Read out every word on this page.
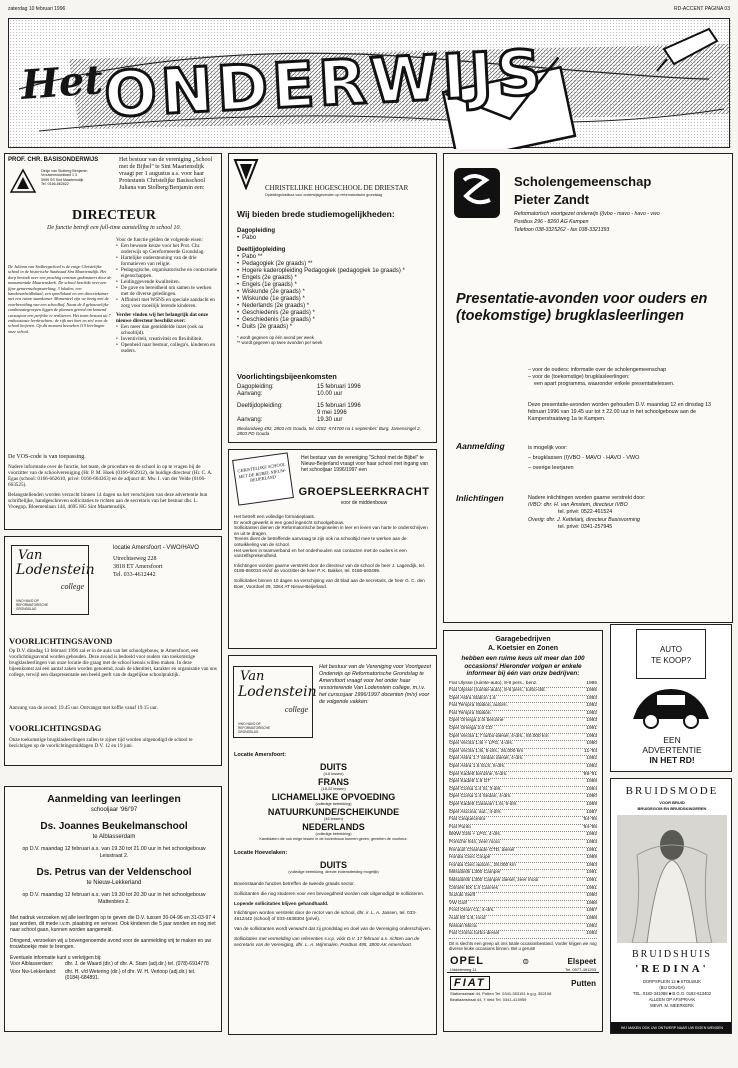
zaterdag 10 februari 1996	RD-ACCENT PAGINA 03
Het
ONDERWIJS
PROF. CHR. BASISONDERWIJS
Dirkje van Stolberg Benjamin
Vrouwennoordkant 1 3
3999 SS Sint Maartensdijk
Tel. 0166-662822
Het bestuur van de vereniging „School met de Bijbel" te Sint Maartensdijk vraagt per 1 augustus a.s. voor haar Protestants Christelijke Basisschool Juliana van Stolberg/Benjamin een:
DIRECTEUR
De functie betreft een full-time aanstelling in school 10.
De Juliana van Stolbergschool is de enige Christelijke school in de historische Stadsstad Sint Maartensdijk. Het dorp bevindt over een prachtig centrum gedominert door de monumentale Maartenskerk. De school beschikt over een fijne gemeenschapswerking, 3 lokalen, een handenarbeidlokaal, een speellokaal en een directiekamer met een ruime stamkamer. Momenteel zijn we bezig met de voorbereiding van een schoolhof. Naast de 4 gebouwelijke combinatiegroepen liggen de plannen gereed om komend cursusjaar een perfekte te realiseren. Het team bestaat uit 7 enthousiaste leerkrachten; de rijk met hart en ziel voor de school beijeren. Op dit moment bezoeken 115 leerlingen onze school.
Voor de functie gelden de volgende eisen:
• Een bewuste keuze voor het Prot. Chr. onderwijs op Gereformeerde Grondslag.
• Hartelijke ondersteuning van de drie formatieven van religie.
• Pedagogische, organisatorische en contactuele eigenschappen.
• Leidinggevende kwaliteiten.
• De gave en bereidheid om samen te werken met de diverse geledingen.
• Affiniteit met WSNS en speciale aandacht en zorg voor moeilijk lerende kinderen.
Verder vinden wij het belangrijk dat onze nieuwe directeur beschikt over:
• Een meer dan gemiddelde inzet (ook na schooltijd).
• Inventiviteit, creativiteit en flexibiliteit.
• Openheid naar bestuur, collega's, kinderen en ouders.
De VOS-code is van toepassing.
Nadere informatie over de functie, het team, de procedure en de school in op te vragen bij de voorzitter van de schoolvereniging (Hr. P. M. Hoek (0166-662912), de huidige directeur (Hr. C. A. Egas (school: 0166-662610, privé: 0166-664363) en de adjunct dr. Mw. I. van der Velde (0166-663525).
Belangstellenden worden verzocht binnen 14 dagen na het verschijnen van deze advertentie hun schriftelijke, handgeschreven sollicitaties te richten aan de secretaris van het bestuur dhr. L. Vroegop, Bloemenlaan 144, 4695 HG Sint Maartensdijk.
CHRISTELIJKE HOGESCHOOL DE DRIESTAR
Opleidingsinstituut voor onderwijsgevenden op reformatorische grondslag
Wij bieden brede studiemogelijkheden:
Dagopleiding
• Pabo
Deeltijdopleiding
• Pabo **
• Pedagogiek (2e graads) **
• Hogere kaderopleiding Pedagogiek (pedagogiek 1e graads) *
• Engels (2e graads) *
• Engels (1e graads) *
• Wiskunde (2e graads) *
• Wiskunde (1e graads) *
• Nederlands (2e graads) *
• Geschiedenis (2e graads) *
• Geschiedenis (1e graads) *
• Duits (2e graads) *
* wordt gegeven op één avond per week
** wordt gegeven op twee avonden per week
Voorlichtingsbijeenkomsten
Dagopleiding:	15 februari 1996
Aanvang:	10.00 uur
Deeltijdopleiding:	15 februari 1996
9 mei 1996
Aanvang:	19.30 uur
Bleulandweg 492, 2803 HS Gouda, tel. 0182 -574700 na 1 september: Burg. Jamessingel 2, 2803 PD Gouda
CHRISTELIJKE SCHOOL MET DE BIJBEL NIEUW-BEIJERLAND
Het bestuur van de vereniging "School met de Bijbel" te Nieuw-Beijerland vraagt voor haar school met ingang van het schooljaar 1996/1997 een
GROEPSLEERKRACHT
voor de middenbouw
Het betreft een volledige formatieplaats.
Er wordt gewerkt in een goed ingericht schoolgebouw.
Sollicitanten dienen de Reformatorische beginselen in leer en leven van harte te onderschrijven en uit te dragen.
Tevens dient de betreffende aanvraag te zijn ook na schooltijd mee te werken aan de ontwikkeling van de school.
Het werken in teamverband en het onderhouden van contacten met de ouders is een vanzelfsprekendheid.
Inlichtingen worden gaarne verstrekt door de directeur van de school de heer J. Lagendijk, tel. 0186-660034 en/of de voorzitter de heer P. K. Bakker, tel. 0186-660499.
Sollicitaties binnen 10 dagen na verschijning van dit blad aan de secretaris, de heer G. C. den Boer, Voordoel 29, 3264 AT Nieuw-Beijerland.
Scholengemeenschap
Pieter Zandt
Reformatorisch voortgezet onderwijs (i)vbo - mavo - havo - vwo
Postbus 296 - 8260 AG Kampen
Telefoon 038-3325262 - fax 038-3321393
Presentatie-avonden voor ouders en (toekomstige) brugklasleerlingen
– voor de ouders: informatie over de scholengemeenschap
– voor de (toekomstige) brugklasleerlingen:
een apart programma, waaronder enkele presentatielessen.
Deze presentatie-avonden worden gehouden D.V. maandag 12 en dinsdag 13 februari 1996 van 19.45 uur tot ± 22.00 uur in het schoolgebouw aan de Kamperstraatweg 1a te Kampen.
Aanmelding	is mogelijk voor:
– brugklassen (I)VBO - MAVO - HAVO - VWO
– overige leerjaren
Inlichtingen	Nadere inlichtingen worden gaarne verstrekt door:
IVBO: dhr. H. van Amstem, directeur IVBO
tel. privé: 0522-461524
Overig: dhr. J. Kettelarij, directeur Basisvorming
tel. privé: 0341-257945
Van
Lodenstein
college
VWO HAVO OP REFORMATORISCHE GRONDSLAG
locatie Amersfoort - VWO/HAVO
Utrechtseweg 228
3818 ET Amersfoort
Tel. 033-4612442
VOORLICHTINGSAVOND
Op D.V. dinsdag 13 februari 1996 zal er in de aula van het schoolgebouw, te Amersfoort, een voorlichtingsavond worden gehouden. Deze avond is bedoeld voor ouders van toekomstige brugklasleerlingen van onze locatie die graag met de school kennis willen maken. In deze bijeenkomst zal een aantal zaken worden genoemd, zoals de identiteit, karakter en organisatie van ons college, terwijl een diaspresentatie een beeld geeft van de dagelijkse schoolpraktijk.
Aanvang van de avond: 19.45 uur. Ontvangst met koffie vanaf 19.15 uur.
VOORLICHTINGSDAG
Onze toekomstige brugklasleerlingen zullen te zijner tijd worden uitgenodigd de school te bezichtigen op de voorlichtingsmiddagen D.V. 12 en 19 juni.
Van
Lodenstein
college
VWO HAVO OP REFORMATORISCHE GRONDSLAG
Het bestuur van de Vereniging voor Voortgezet Onderwijs op Reformatorische Grondslag te Amersfoort vraagt voor het onder haar ressorterende Van Lodenstein college, m.i.v. het cursusjaar 1996/1997 docenten (m/v) voor de volgende vakken:
Locatie Amersfoort:
DUITS
(4-6 lessen)
FRANS
(18-22 lessen)
LICHAMELIJKE OPVOEDING
(volledige betrekking)
NATUURKUNDE/SCHEIKUNDE
(46 lessen)
NEDERLANDS
(volledige betrekking)
Kandidaten die ook enige lessen in de bovenbouw kunnen geven, genieten de voorkeur.
Locatie Hoevelaken:
DUITS
(volledige betrekking, directe indiensttreding mogelijk)
Bovenstaande functies betreffen de tweede graads sector.
Sollicitanten die nog studeren voor een bevoegdheid worden ook uitgenodigd te solliciteren.
Lopende sollicitaties blijven gehandhaafd.
Inlichtingen worden verstrekt door de rector van de school, dhr. ir. L. A. Jansen, tel. 033-4612442 (school) of 033-4638304 (privé).
Van de sollicitanten wordt verwacht dat zij grondslag en doel van de Vereniging onderschrijven.
Sollicitaties met vermelding van referenties s.v.p. vóór D.V. 17 februari a.s. richten aan de secretaris van de Vereniging, dhr. L. A. Wijnmalen, Postbus 495, 3800 AK Amersfoort.
Aanmelding van leerlingen
schooljaar '96/'97
Ds. Joannes Beukelmanschool
te Alblasserdam
op D.V. maandag 12 februari a.s. van 19.30 tot 21.00 uur in het schoolgebouw Leisstraat 2.
Ds. Petrus van der Veldenschool
te Nieuw-Lekkerland
op D.V. maandag 12 februari a.s. van 19.30 tot 20.30 uur in het schoolgebouw Mattenbies 2.
Met nadruk verzoeken wij alle leerlingen op te geven die D.V. tussen 30-04-96 en 31-03-97 4 jaar worden, dit mede i.v.m. plaatsing en vervoer. Ook kinderen die 5 jaar worden en nog niet naar school gaan, kunnen worden aangemeld.
Dringend, verzoeken wij u bovengenoemde avond voor de aanmelding vrij te maken en uw trouwboekje mee te brengen.
Eventuele informatie kunt u verkrijgen bij:
Voor Alblasserdam:	dhr. J. de Waard (dir.) of dhr. A. Stam (adj.dir.) tel. (078)-6914778
Voor Nw-Lekkerland:	dhr. H. v/d Wetering (dir.) of dhr. W. H. Verloop (adj.dir.) tel. (0184)-684891.
Garagebedrijven
A. Koetsier en Zonen
hebben een ruime keus uit meer dan 100 occasions! Hieronder volgen er enkele informeer bij één van onze bedrijven:
Fiat Ulysse (ruimte-auto), 8-9 pers., benz.	1995
Fiat Ulysse (ruimte-auto), 8-9 pers., turbo-dsl.	1995
Opel Astra Station 1.6	1993
Fiat Tempra Station, autom.	1992
Fiat Tempra Station	1992
Opel Omega 2.0i benzine	1993
Opel Omega 2.0 CD	1991
Opel Vectra 1.7 turbo-diesel, 4-drs., 60.000 km	1993
Opel Vectra 1.8i + LPG, 4-drs.	1990
Opel Vectra 1.8i, 5-drs., 26.000 km	11-'93
Opel Astra 1.7 Sedan diesel, 4-drs.	1992
Opel Astra 1.6 GLS, 5-drs.	1992
Opel Kadett benzine, 5-drs.	'89-'91
Opel Kadett 1.8 GT	1988
Opel Corsa 1.4 Si, 3-drs.	1994
Opel Corsa 1.4 Sedan, 4-drs.	1990
Opel Kadett Caravan 1.6i, 5-drs.	1989
Opel Ascona, aut., 4-drs.	1987
Fiat Cinquecento	'94-'95
Fiat Punto	'94-'95
BMW 316i + LPG, 4-drs.	1992
Porsche 944, zeer mooi	1983
Renault Chamade GTD, diesel	1991
Honda Civic Coupé	1989
Honda Civic autom., 28.000 km	1993
Mitsubishi L300 Camper	1991
Mitsubishi L300 Camper diesel, zeer mooi	1991
Citroën BX 1.4 Cannes	1991
Suzuki Swift	1990
VW Golf	1986
Ford Orion CL, 4-drs.	1987
Audi 80 1.8, rood	1988
Nissan Micra	1992
Fiat Croma turbo-diesel	1992
Dit is slechts een greep uit ons totale occasionbestand. Vorder krijgen we nog diverse leuke occasions binnen. Bel u gerust!
OPEL	⊜	Elspeet
Uddelerweg 11	Tel. 0577-491293
FIAT	Putten
Stationsstraat 44, Putten Tel. 0341-353151 b.g.g. 352108
Beatlaanstraat 44, 't Veld Tel. 0341-413959
AUTO
TE KOOP?
EEN
ADVERTENTIE
IN HET RD!
BRUIDSMODE
VOOR BRUID
BRUIDEGOM EN BRUIDSKINDEREN
BRUIDSHUIS
'REDINA'
DORPSPLEIN 12 ■ STOLWIJK
(BIJ GOUDA)
TEL. 0182-341088 ■ B.G.G. 0182-513402
ALLEEN OP AFSPRAAK
MEVR. M. MEERKERK
WIJ MAKEN OOK UW ONTWERP NAAR UW EIGEN WENSEN
